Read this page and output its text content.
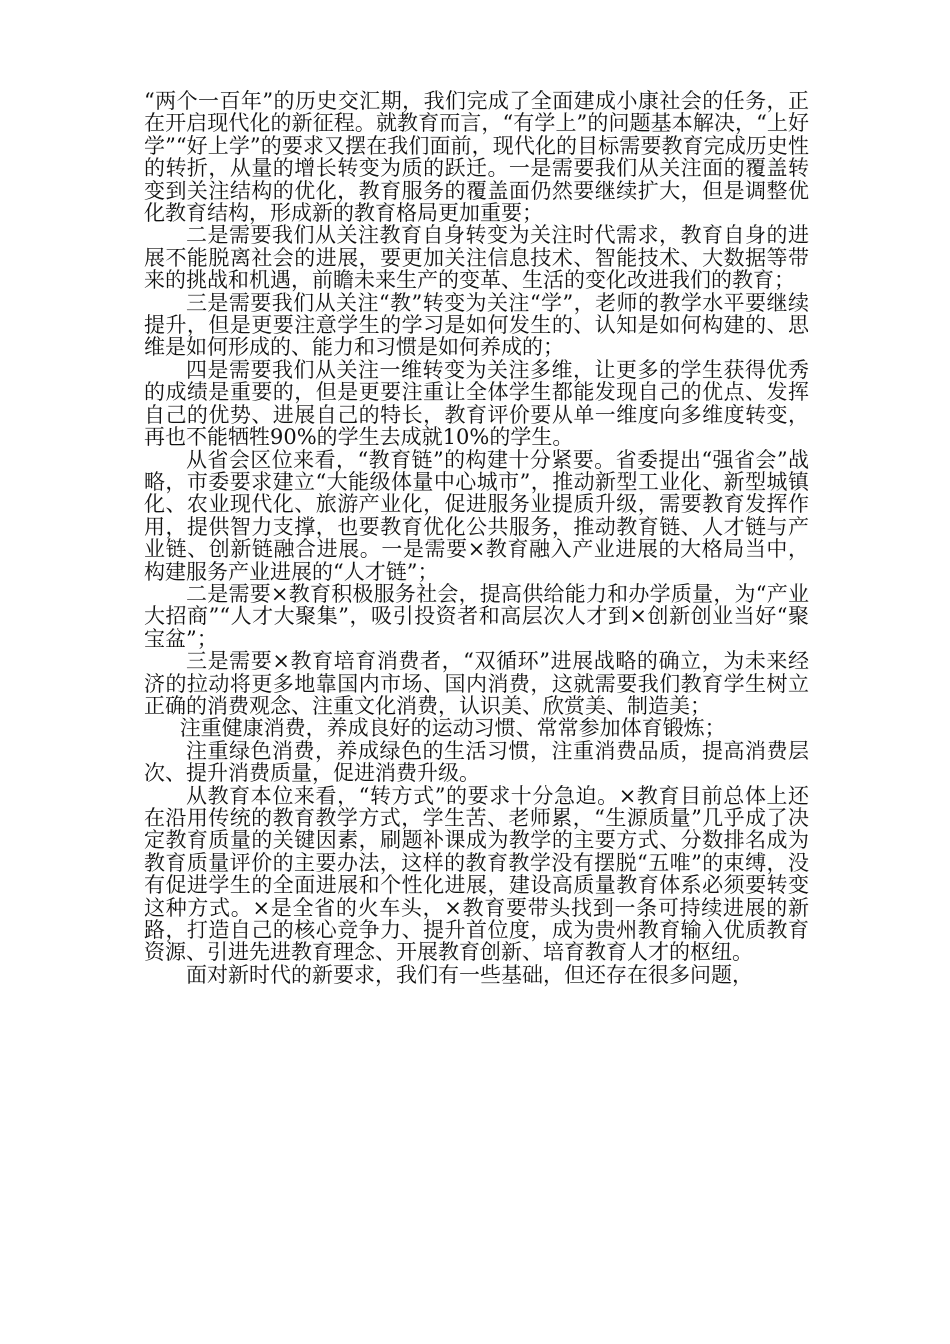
“两个一百年”的历史交汇期，我们完成了全面建成小康社会的任务，正在开启现代化的新征程。就教育而言，“有学上”的问题基本解决，“上好学”“好上学”的要求又摆在我们面前，现代化的目标需要教育完成历史性的转折，从量的增长转变为质的跃迁。一是需要我们从关注面的覆盖转变到关注结构的优化，教育服务的覆盖面仍然要继续扩大，但是调整优化教育结构，形成新的教育格局更加重要；

二是需要我们从关注教育自身转变为关注时代需求，教育自身的进展不能脱离社会的进展，要更加关注信息技术、智能技术、大数据等带来的挑战和机遇，前瞻未来生产的变革、生活的变化改进我们的教育；

三是需要我们从关注“教”转变为关注“学”，老师的教学水平要继续提升，但是更要注意学生的学习是如何发生的、认知是如何构建的、思维是如何形成的、能力和习惯是如何养成的；

四是需要我们从关注一维转变为关注多维，让更多的学生获得优秀的成绩是重要的，但是更要注重让全体学生都能发现自己的优点、发挥自己的优势、进展自己的特长，教育评价要从单一维度向多维度转变，再也不能牺牲90%的学生去成就10%的学生。

从省会区位来看，“教育链”的构建十分紧要。省委提出“强省会”战略，市委要求建立“大能级体量中心城市”，推动新型工业化、新型城镇化、农业现代化、旅游产业化，促进服务业提质升级，需要教育发挥作用，提供智力支撑，也要教育优化公共服务，推动教育链、人才链与产业链、创新链融合进展。一是需要×教育融入产业进展的大格局当中，构建服务产业进展的“人才链”；

二是需要×教育积极服务社会，提高供给能力和办学质量，为“产业大招商”“人才大聚集”，吸引投资者和高层次人才到×创新创业当好“聚宝盆”；

三是需要×教育培育消费者，“双循环”进展战略的确立，为未来经济的拉动将更多地靠国内市场、国内消费，这就需要我们教育学生树立正确的消费观念、注重文化消费，认识美、欣赏美、制造美；

注重健康消费，养成良好的运动习惯、常常参加体育锻炼；

注重绿色消费，养成绿色的生活习惯，注重消费品质，提高消费层次、提升消费质量，促进消费升级。

从教育本位来看，“转方式”的要求十分急迫。×教育目前总体上还在沿用传统的教育教学方式，学生苦、老师累，“生源质量”几乎成了决定教育质量的关键因素，刷题补课成为教学的主要方式、分数排名成为教育质量评价的主要办法，这样的教育教学没有摆脱“五唯”的束缚，没有促进学生的全面进展和个性化进展，建设高质量教育体系必须要转变这种方式。×是全省的火车头，×教育要带头找到一条可持续进展的新路，打造自己的核心竞争力、提升首位度，成为贵州教育输入优质教育资源、引进先进教育理念、开展教育创新、培育教育人才的枢纽。

面对新时代的新要求，我们有一些基础，但还存在很多问题，
